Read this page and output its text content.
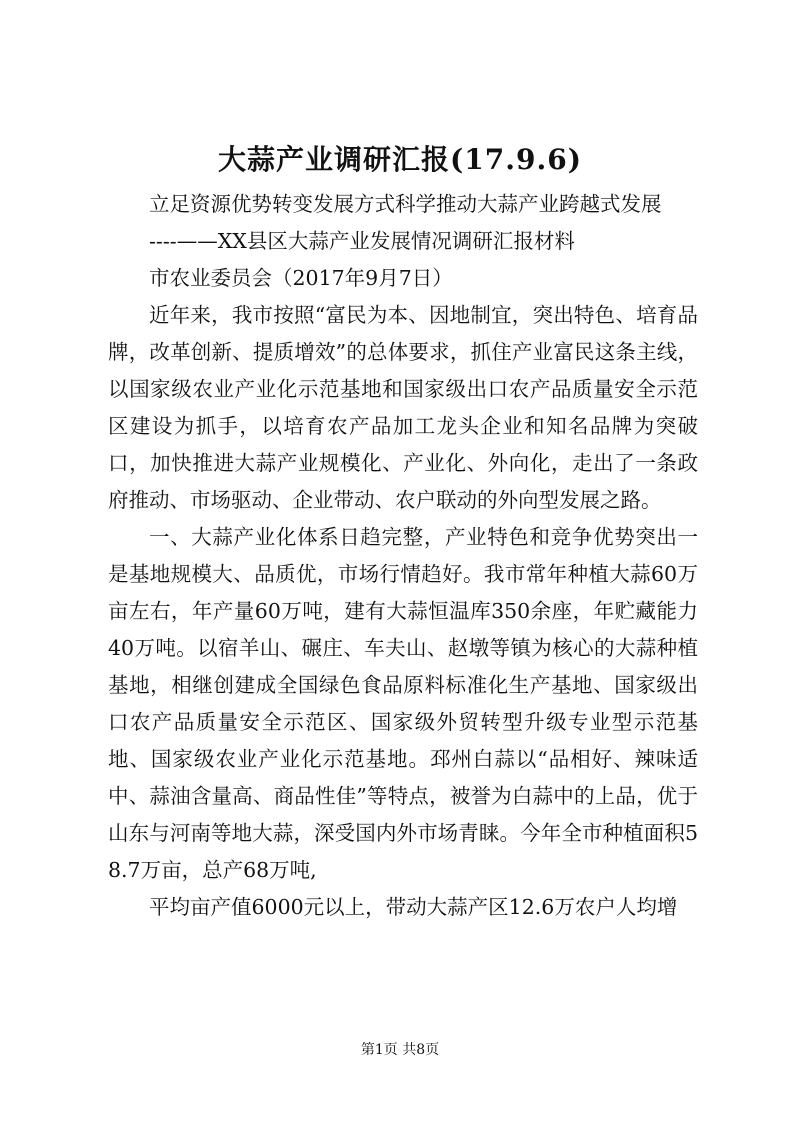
大蒜产业调研汇报(17.9.6)

立足资源优势转变发展方式科学推动大蒜产业跨越式发展

----——XX县区大蒜产业发展情况调研汇报材料

市农业委员会（2017年9月7日）

近年来，我市按照“富民为本、因地制宜，突出特色、培育品牌，改革创新、提质增效”的总体要求，抓住产业富民这条主线，以国家级农业产业化示范基地和国家级出口农产品质量安全示范区建设为抓手，以培育农产品加工龙头企业和知名品牌为突破口，加快推进大蒜产业规模化、产业化、外向化，走出了一条政府推动、市场驱动、企业带动、农户联动的外向型发展之路。

一、大蒜产业化体系日趋完整，产业特色和竞争优势突出一是基地规模大、品质优，市场行情趋好。我市常年种植大蒜60万亩左右，年产量60万吨，建有大蒜恒温库350余座，年贮藏能力40万吨。以宿羊山、碾庄、车夫山、赵墩等镇为核心的大蒜种植基地，相继创建成全国绿色食品原料标准化生产基地、国家级出口农产品质量安全示范区、国家级外贸转型升级专业型示范基地、国家级农业产业化示范基地。邳州白蒜以“品相好、辣味适中、蒜油含量高、商品性佳”等特点，被誉为白蒜中的上品，优于山东与河南等地大蒜，深受国内外市场青睐。今年全市种植面积58.7万亩，总产68万吨,

平均亩产值6000元以上，带动大蒜产区12.6万农户人均增

第1页 共8页
